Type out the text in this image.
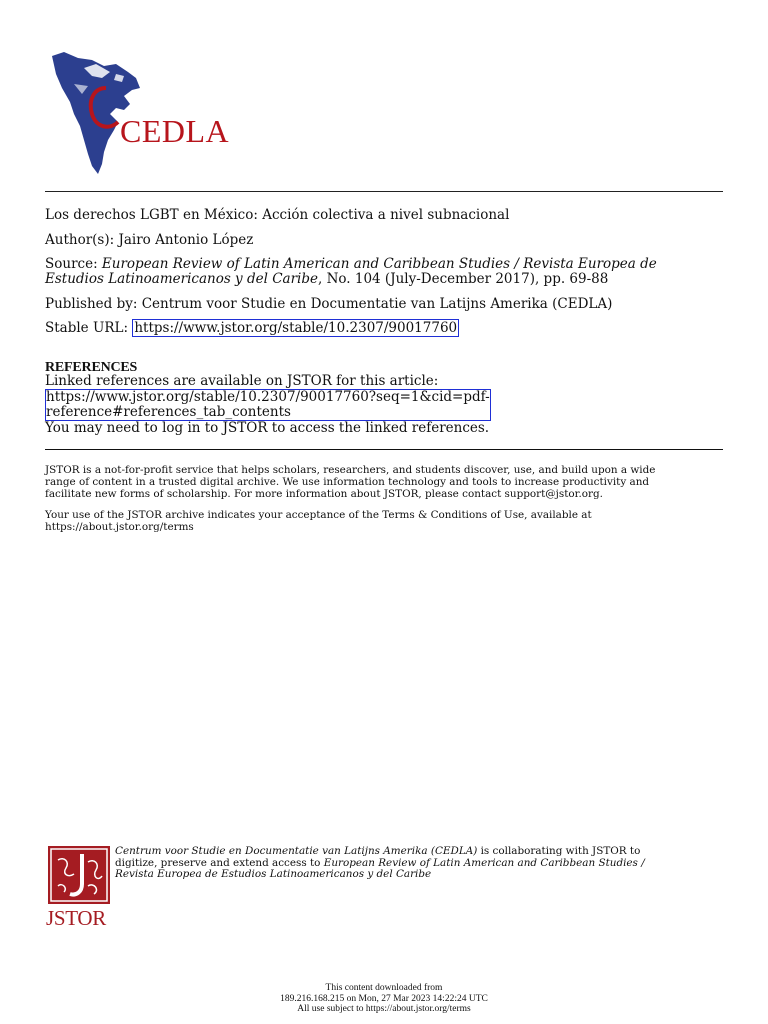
CEDLA
Los derechos LGBT en México: Acción colectiva a nivel subnacional
Author(s): Jairo Antonio López
Source: European Review of Latin American and Caribbean Studies / Revista Europea de
Estudios Latinoamericanos y del Caribe, No. 104 (July-December 2017), pp. 69-88
Published by: Centrum voor Studie en Documentatie van Latijns Amerika (CEDLA)
Stable URL: https://www.jstor.org/stable/10.2307/90017760
REFERENCES
Linked references are available on JSTOR for this article:
https://www.jstor.org/stable/10.2307/90017760?seq=1&cid=pdf-
reference#references_tab_contents
You may need to log in to JSTOR to access the linked references.

JSTOR is a not-for-profit service that helps scholars, researchers, and students discover, use, and build upon a wide

range of content in a trusted digital archive. We use information technology and tools to increase productivity and

facilitate new forms of scholarship. For more information about JSTOR, please contact support@jstor.org.

Your use of the JSTOR archive indicates your acceptance of the Terms & Conditions of Use, available at

https://about.jstor.org/terms

JSTOR
Centrum voor Studie en Documentatie van Latijns Amerika (CEDLA) is collaborating with JSTOR to
digitize, preserve and extend access to European Review of Latin American and Caribbean Studies /
Revista Europea de Estudios Latinoamericanos y del Caribe
This content downloaded from
189.216.168.215 on Mon, 27 Mar 2023 14:22:24 UTC
All use subject to https://about.jstor.org/terms
